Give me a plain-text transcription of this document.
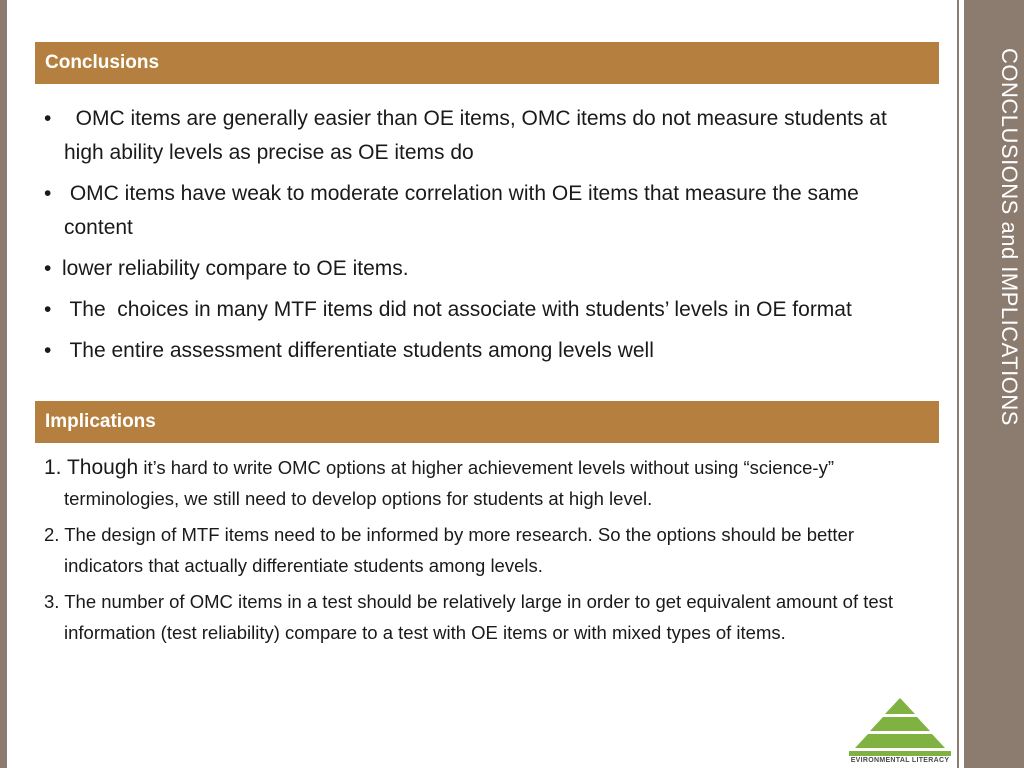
CONCLUSIONS and IMPLICATIONS
Conclusions
•  OMC items are generally easier than OE items, OMC items do not measure students at high ability levels as precise as OE items do
• OMC items have weak to moderate correlation with OE items that measure the same content
• lower reliability compare to OE items.
• The  choices in many MTF items did not associate with students’ levels in OE format
• The entire assessment differentiate students among levels well
Implications
1. Though it’s hard to write OMC options at higher achievement levels without using “science-y” terminologies, we still need to develop options for students at high level.
2. The design of MTF items need to be informed by more research. So the options should be better indicators that actually differentiate students among levels.
3. The number of OMC items in a test should be relatively large in order to get equivalent amount of test information (test reliability) compare to a test with OE items or with mixed types of items.
EVIRONMENTAL LITERACY
